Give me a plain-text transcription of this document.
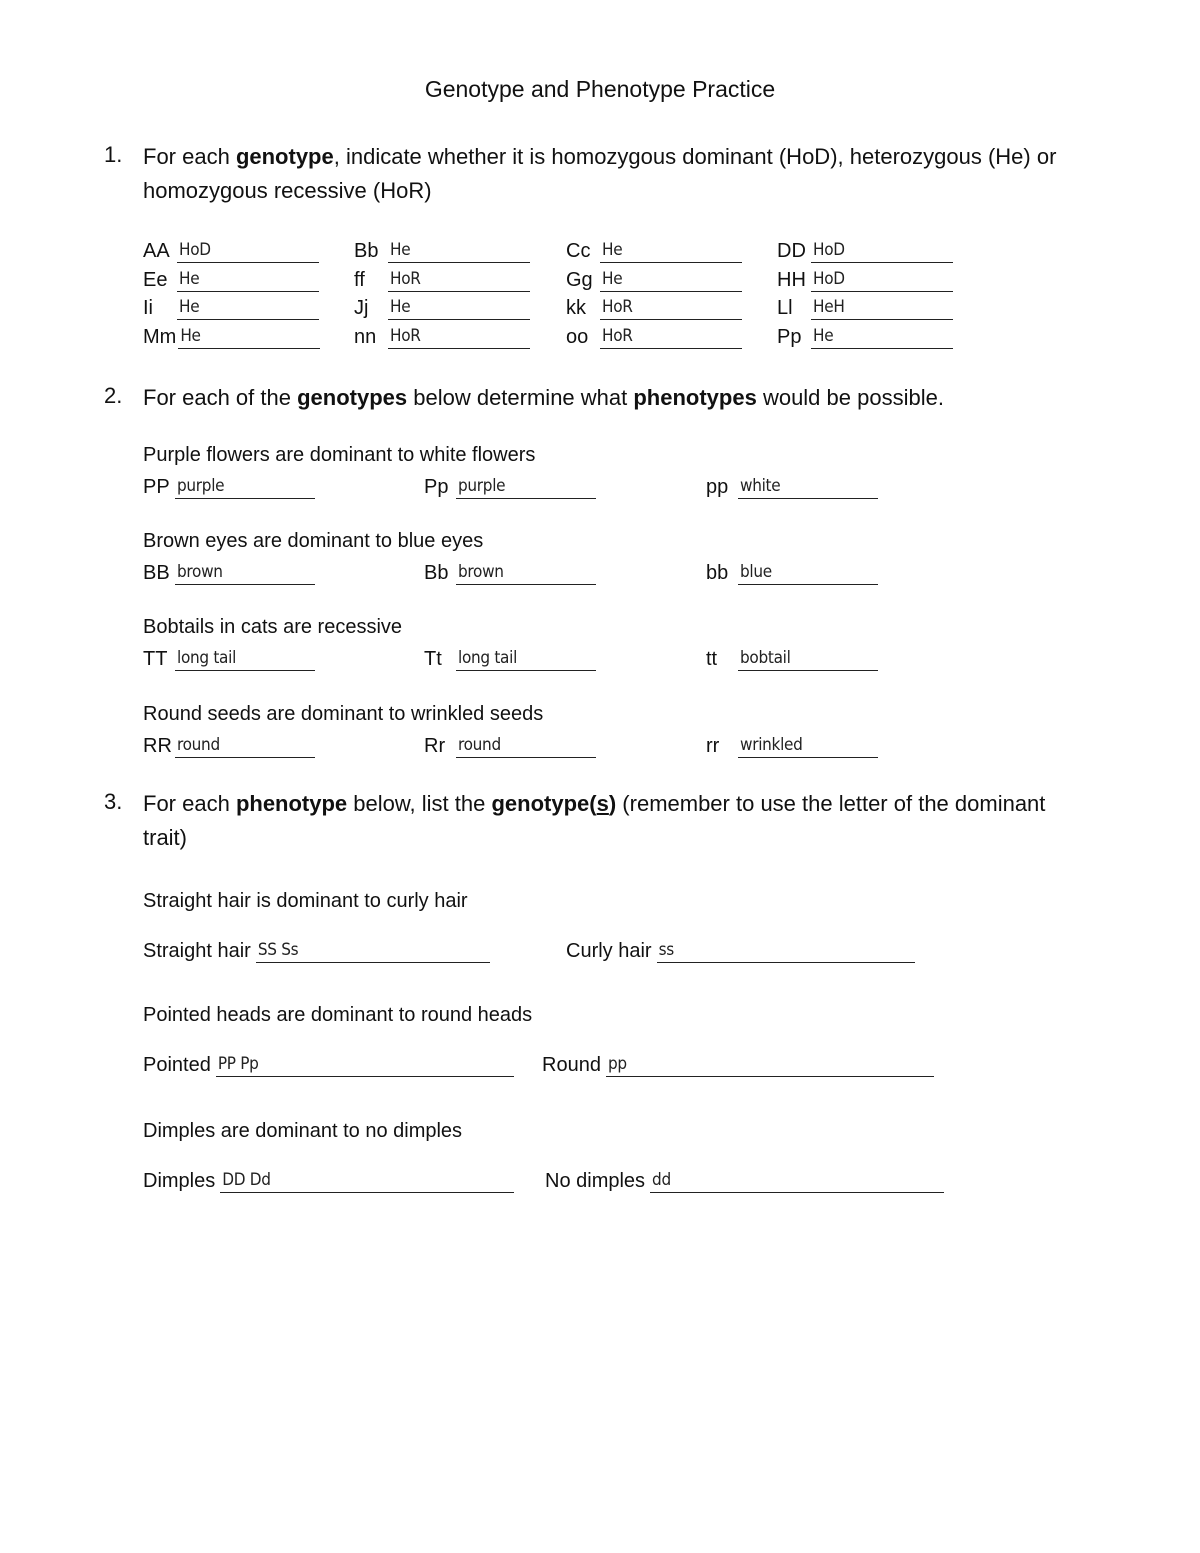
Genotype and Phenotype Practice
1. For each genotype, indicate whether it is homozygous dominant (HoD), heterozygous (He) or homozygous recessive (HoR)
AA HoD	Bb He	Cc He	DD HoD
Ee He	ff	HoR	Gg He	HH HoD
Ii	He	Jj	He	kk HoR	Ll	HeH
Mm He	nn HoR	oo HoR	Pp He
2. For each of the genotypes below determine what phenotypes would be possible.
Purple flowers are dominant to white flowers
PP purple	Pp purple	pp white
Brown eyes are dominant to blue eyes
BB brown	Bb brown	bb blue
Bobtails in cats are recessive
TT long tail	Tt long tail	tt	bobtail
Round seeds are dominant to wrinkled seeds
RR round	Rr round	rr	wrinkled
3. For each phenotype below, list the genotype(s) (remember to use the letter of the dominant trait)
Straight hair is dominant to curly hair
Straight hair SS Ss	Curly hair ss
Pointed heads are dominant to round heads
Pointed PP Pp	Round pp
Dimples are dominant to no dimples
Dimples DD Dd	No dimples dd
